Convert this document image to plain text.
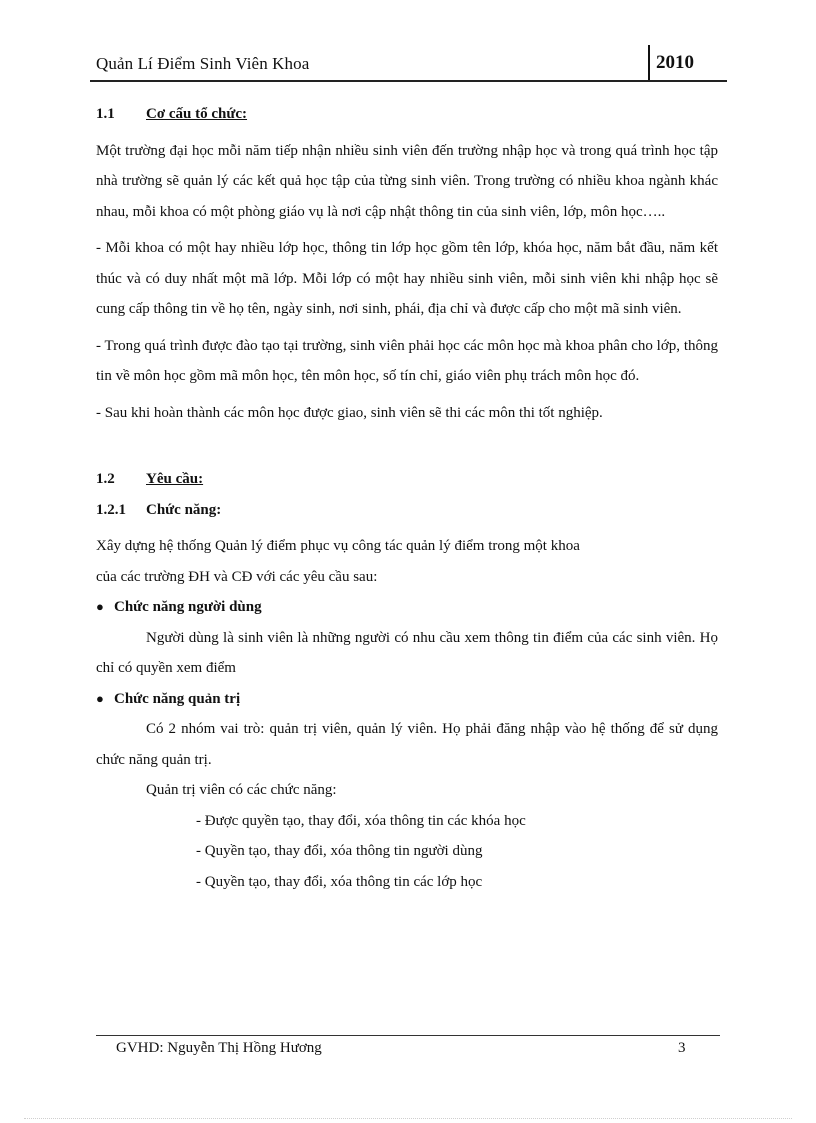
Quản Lí Điểm Sinh Viên Khoa	2010
1.1 Cơ cấu tổ chức:

Một trường đại học mỗi năm tiếp nhận nhiều sinh viên đến trường nhập học và trong quá trình học tập nhà trường sẽ quản lý các kết quả học tập của từng sinh viên. Trong trường có nhiều khoa ngành khác nhau, mỗi khoa có một phòng giáo vụ là nơi cập nhật thông tin của sinh viên, lớp, môn học…..

- Mỗi khoa có một hay nhiều lớp học, thông tin lớp học gồm tên lớp, khóa học, năm bắt đầu, năm kết thúc và có duy nhất một mã lớp. Mỗi lớp có một hay nhiều sinh viên, mỗi sinh viên khi nhập học sẽ cung cấp thông tin về họ tên, ngày sinh, nơi sinh, phái, địa chỉ và được cấp cho một mã sinh viên.

- Trong quá trình được đào tạo tại trường, sinh viên phải học các môn học mà khoa phân cho lớp, thông tin về môn học gồm mã môn học, tên môn học, số tín chỉ, giáo viên phụ trách môn học đó.

- Sau khi hoàn thành các môn học được giao, sinh viên sẽ thi các môn thi tốt nghiệp.

1.2 Yêu cầu:
1.2.1 Chức năng:
Xây dựng hệ thống Quản lý điểm phục vụ công tác quản lý điểm trong một khoa
của các trường ĐH và CĐ với các yêu cầu sau:
● Chức năng người dùng
Người dùng là sinh viên là những người có nhu cầu xem thông tin điểm của các sinh viên. Họ chỉ có quyền xem điểm
● Chức năng quản trị
Có 2 nhóm vai trò: quản trị viên, quản lý viên. Họ phải đăng nhập vào hệ thống để sử dụng chức năng quản trị.
Quản trị viên có các chức năng:
- Được quyền tạo, thay đổi, xóa thông tin các khóa học
- Quyền tạo, thay đổi, xóa thông tin người dùng
- Quyền tạo, thay đổi, xóa thông tin các lớp học
GVHD: Nguyễn Thị Hồng Hương	3
